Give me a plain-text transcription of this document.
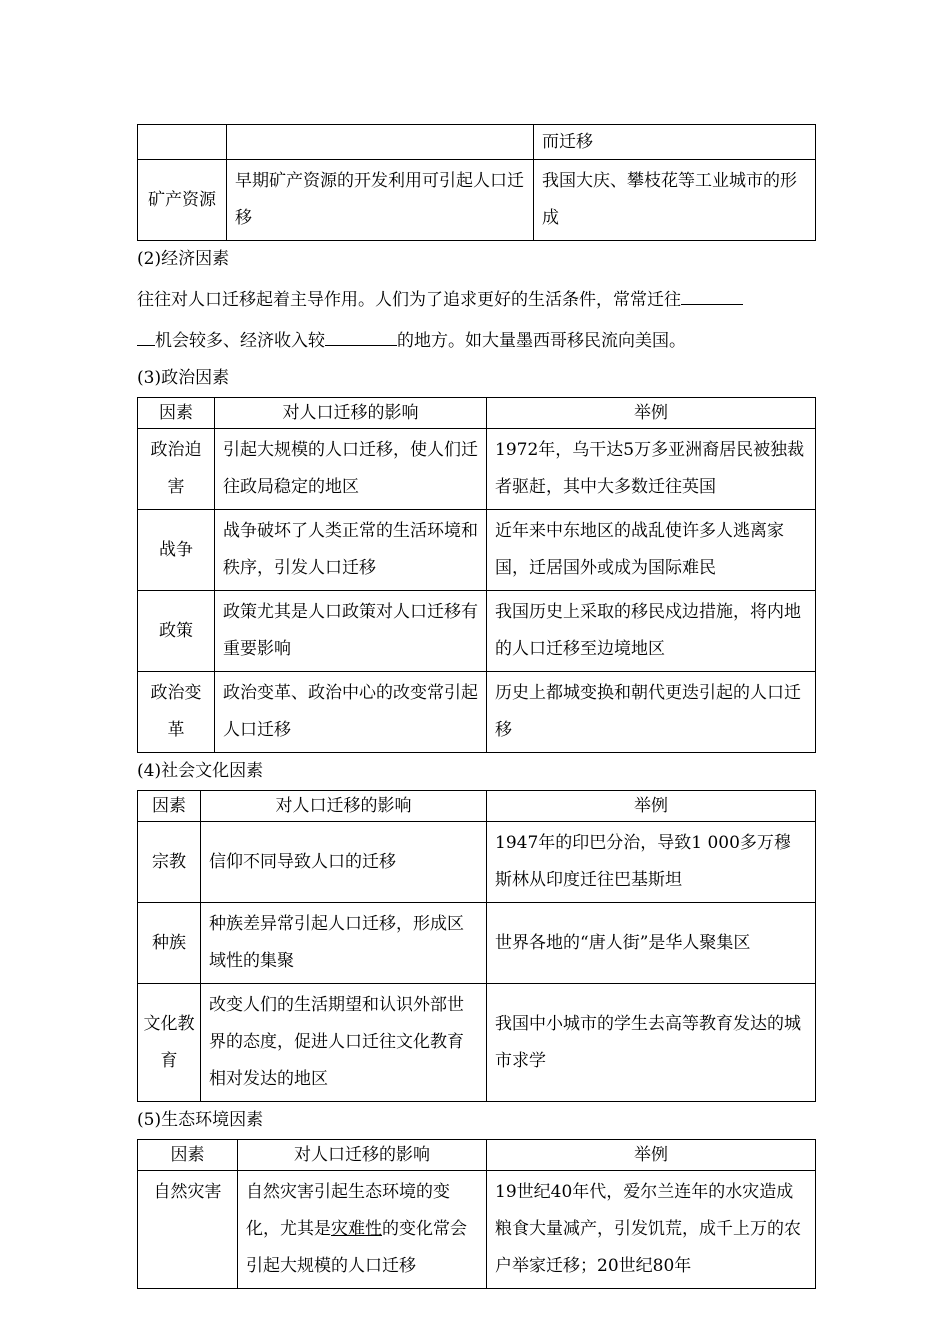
		而迁移
矿产资源	早期矿产资源的开发利用可引起人口迁移	我国大庆、攀枝花等工业城市的形成

(2)经济因素

往往对人口迁移起着主导作用。人们为了追求更好的生活条件，常常迁往
机会较多、经济收入较	的地方。如大量墨西哥移民流向美国。

(3)政治因素

因素	对人口迁移的影响	举例
政治迫害	引起大规模的人口迁移，使人们迁往政局稳定的地区	1972年，乌干达5万多亚洲裔居民被独裁者驱赶，其中大多数迁往英国
战争	战争破坏了人类正常的生活环境和秩序，引发人口迁移	近年来中东地区的战乱使许多人逃离家国，迁居国外或成为国际难民
政策	政策尤其是人口政策对人口迁移有重要影响	我国历史上采取的移民戍边措施，将内地的人口迁移至边境地区
政治变革	政治变革、政治中心的改变常引起人口迁移	历史上都城变换和朝代更迭引起的人口迁移

(4)社会文化因素

因素	对人口迁移的影响	举例
宗教	信仰不同导致人口的迁移	1947年的印巴分治，导致1 000多万穆斯林从印度迁往巴基斯坦
种族	种族差异常引起人口迁移，形成区域性的集聚	世界各地的“唐人街”是华人聚集区
文化教育	改变人们的生活期望和认识外部世界的态度，促进人口迁往文化教育相对发达的地区	我国中小城市的学生去高等教育发达的城市求学

(5)生态环境因素

因素	对人口迁移的影响	举例
自然灾害	自然灾害引起生态环境的变化，尤其是灾难性的变化常会引起大规模的人口迁移	19世纪40年代，爱尔兰连年的水灾造成粮食大量减产，引发饥荒，成千上万的农户举家迁移；20世纪80年
